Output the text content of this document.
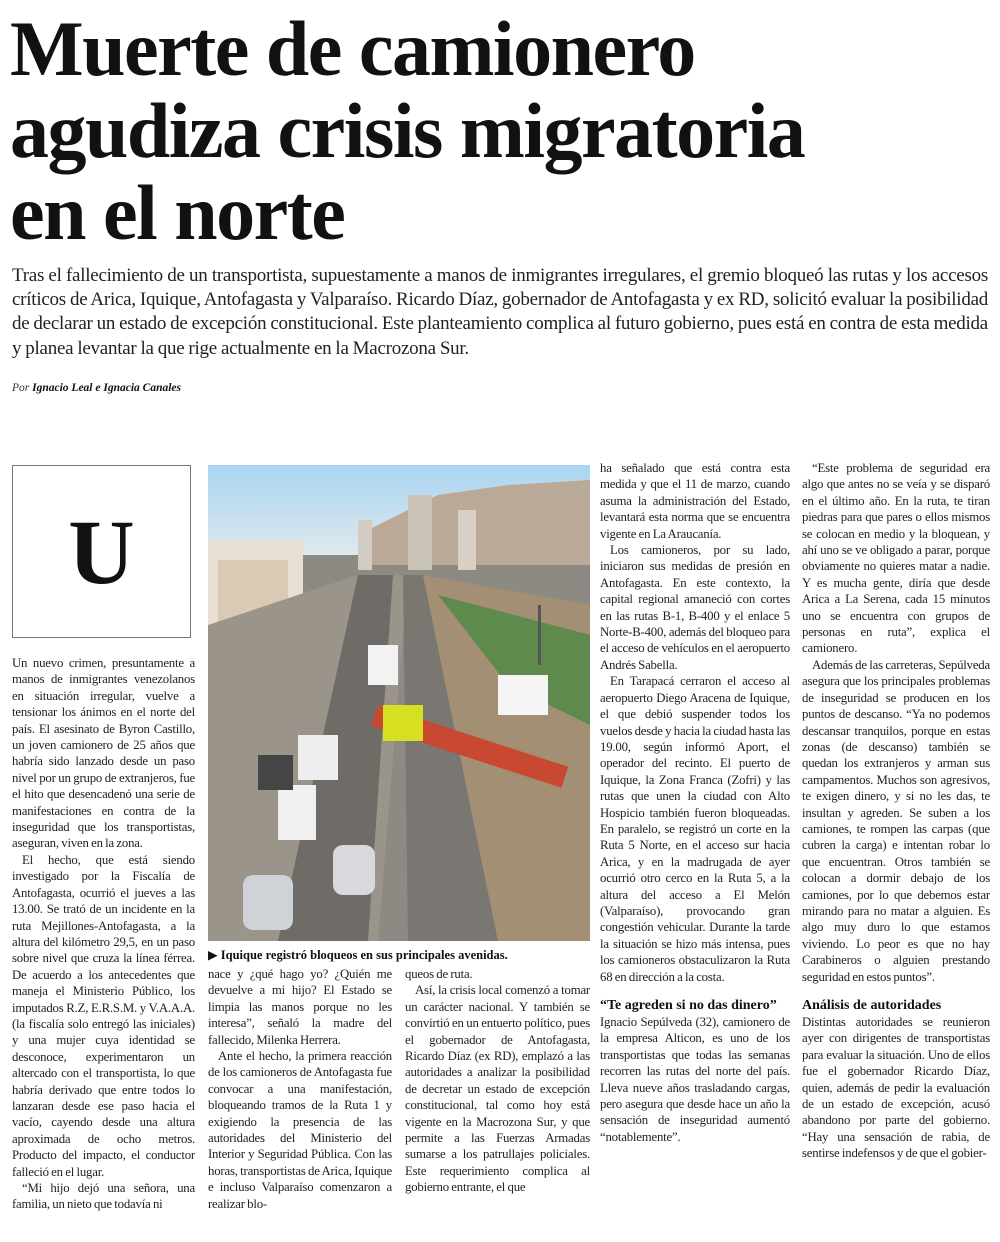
Muerte de camionero
agudiza crisis migratoria
en el norte

Tras el fallecimiento de un transportista, supuestamente a manos de inmigrantes irregulares, el gremio bloqueó las rutas y los accesos críticos de Arica, Iquique, Antofagasta y Valparaíso. Ricardo Díaz, gobernador de Antofagasta y ex RD, solicitó evaluar la posibilidad de declarar un estado de excepción constitucional. Este planteamiento complica al futuro gobierno, pues está en contra de esta medida y planea levantar la que rige actualmente en la Macrozona Sur.

Por Ignacio Leal e Ignacia Canales
U
▶ Iquique registró bloqueos en sus principales avenidas.

Un nuevo crimen, presuntamente a manos de inmigrantes venezolanos en situación irregular, vuelve a tensionar los ánimos en el norte del país. El asesinato de Byron Castillo, un joven camionero de 25 años que habría sido lanzado desde un paso nivel por un grupo de extranjeros, fue el hito que desencadenó una serie de manifestaciones en contra de la inseguridad que los transportistas, aseguran, viven en la zona.

El hecho, que está siendo investigado por la Fiscalía de Antofagasta, ocurrió el jueves a las 13.00. Se trató de un incidente en la ruta Mejillones-Antofagasta, a la altura del kilómetro 29,5, en un paso sobre nivel que cruza la línea férrea. De acuerdo a los antecedentes que maneja el Ministerio Público, los imputados R.Z, E.R.S.M. y V.A.A.A. (la fiscalía solo entregó las iniciales) y una mujer cuya identidad se desconoce, experimentaron un altercado con el transportista, lo que habría derivado que entre todos lo lanzaran desde ese paso hacia el vacío, cayendo desde una altura aproximada de ocho metros. Producto del impacto, el conductor falleció en el lugar.

“Mi hijo dejó una señora, una familia, un nieto que todavía ni

nace y ¿qué hago yo? ¿Quién me devuelve a mi hijo? El Estado se limpia las manos porque no les interesa”, señaló la madre del fallecido, Milenka Herrera.

Ante el hecho, la primera reacción de los camioneros de Antofagasta fue convocar a una manifestación, bloqueando tramos de la Ruta 1 y exigiendo la presencia de las autoridades del Ministerio del Interior y Seguridad Pública. Con las horas, transportistas de Arica, Iquique e incluso Valparaíso comenzaron a realizar blo-

queos de ruta.

Así, la crisis local comenzó a tomar un carácter nacional. Y también se convirtió en un entuerto político, pues el gobernador de Antofagasta, Ricardo Díaz (ex RD), emplazó a las autoridades a analizar la posibilidad de decretar un estado de excepción constitucional, tal como hoy está vigente en la Macrozona Sur, y que permite a las Fuerzas Armadas sumarse a los patrullajes policiales. Este requerimiento complica al gobierno entrante, el que

ha señalado que está contra esta medida y que el 11 de marzo, cuando asuma la administración del Estado, levantará esta norma que se encuentra vigente en La Araucanía.

Los camioneros, por su lado, iniciaron sus medidas de presión en Antofagasta. En este contexto, la capital regional amaneció con cortes en las rutas B-1, B-400 y el enlace 5 Norte-B-400, además del bloqueo para el acceso de vehículos en el aeropuerto Andrés Sabella.

En Tarapacá cerraron el acceso al aeropuerto Diego Aracena de Iquique, el que debió suspender todos los vuelos desde y hacia la ciudad hasta las 19.00, según informó Aport, el operador del recinto. El puerto de Iquique, la Zona Franca (Zofri) y las rutas que unen la ciudad con Alto Hospicio también fueron bloqueadas. En paralelo, se registró un corte en la Ruta 5 Norte, en el acceso sur hacia Arica, y en la madrugada de ayer ocurrió otro cerco en la Ruta 5, a la altura del acceso a El Melón (Valparaíso), provocando gran congestión vehicular. Durante la tarde la situación se hizo más intensa, pues los camioneros obstaculizaron la Ruta 68 en dirección a la costa.

“Te agreden si no das dinero”

Ignacio Sepúlveda (32), camionero de la empresa Alticon, es uno de los transportistas que todas las semanas recorren las rutas del norte del país. Lleva nueve años trasladando cargas, pero asegura que desde hace un año la sensación de inseguridad aumentó “notablemente”.

“Este problema de seguridad era algo que antes no se veía y se disparó en el último año. En la ruta, te tiran piedras para que pares o ellos mismos se colocan en medio y la bloquean, y ahí uno se ve obligado a parar, porque obviamente no quieres matar a nadie. Y es mucha gente, diría que desde Arica a La Serena, cada 15 minutos uno se encuentra con grupos de personas en ruta”, explica el camionero.

Además de las carreteras, Sepúlveda asegura que los principales problemas de inseguridad se producen en los puntos de descanso. “Ya no podemos descansar tranquilos, porque en estas zonas (de descanso) también se quedan los extranjeros y arman sus campamentos. Muchos son agresivos, te exigen dinero, y si no les das, te insultan y agreden. Se suben a los camiones, te rompen las carpas (que cubren la carga) e intentan robar lo que encuentran. Otros también se colocan a dormir debajo de los camiones, por lo que debemos estar mirando para no matar a alguien. Es algo muy duro lo que estamos viviendo. Lo peor es que no hay Carabineros o alguien prestando seguridad en estos puntos”.

Análisis de autoridades

Distintas autoridades se reunieron ayer con dirigentes de transportistas para evaluar la situación. Uno de ellos fue el gobernador Ricardo Díaz, quien, además de pedir la evaluación de un estado de excepción, acusó abandono por parte del gobierno. “Hay una sensación de rabia, de sentirse indefensos y de que el gobier-
